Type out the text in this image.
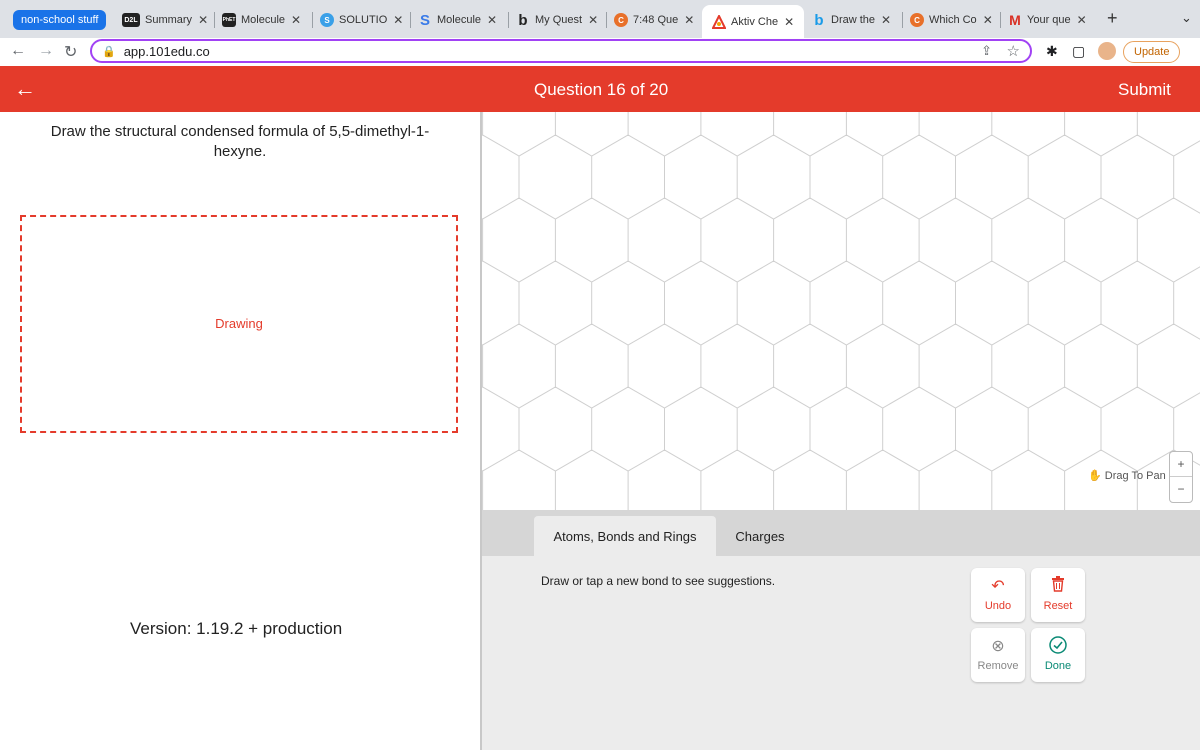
non-school stuff	D2L Summary ✕	PhET Molecule ✕	S SOLUTIO ✕ S Molecule ✕ b My Quest ✕	C 7:48 Que ✕	Aktiv Che ✕ b Draw the ✕	C Which Co ✕ M Your que ✕ +	⌄
← → ↻ 🔒 app.101edu.co	⇪ ☆ ✱ ▢	Update
←	Question 16 of 20	Submit
Draw the structural condensed formula of 5,5-dimethyl-1-hexyne.
Drawing
Version: 1.19.2 + production
✋ Drag To Pan
+
−
Atoms, Bonds and Rings	Charges
Draw or tap a new bond to see suggestions.	↶
Undo	Reset
⊗
Remove	Done
